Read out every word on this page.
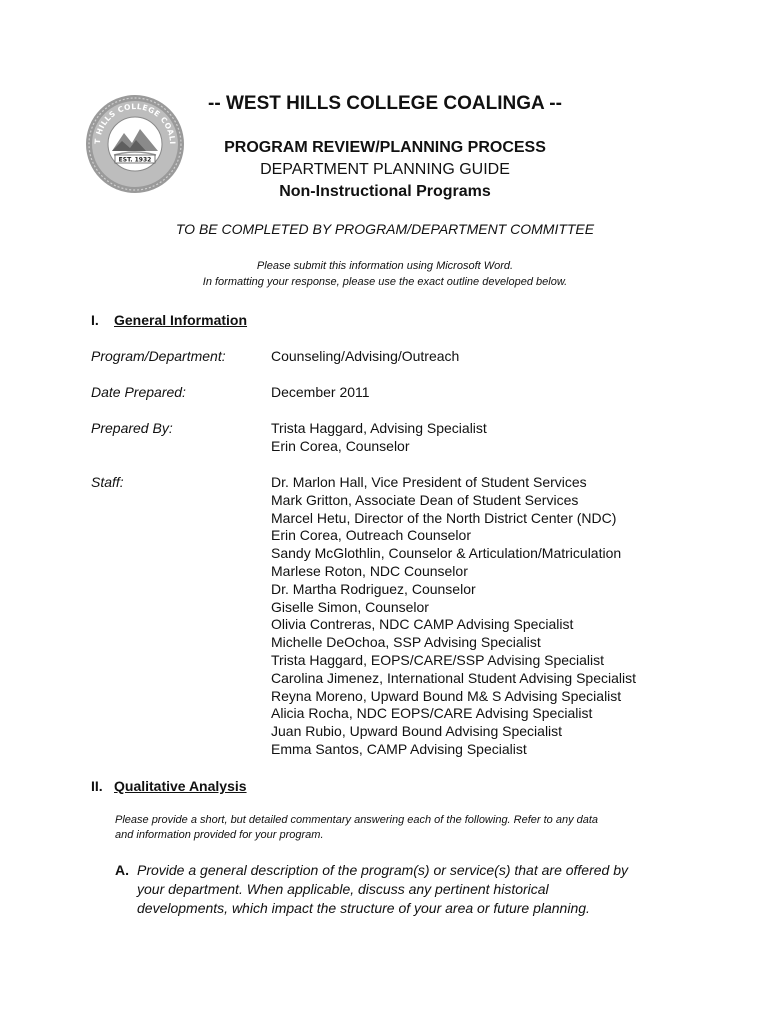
T HILLS COLLEGE COALI
EST. 1932
-- WEST HILLS COLLEGE COALINGA --
PROGRAM REVIEW/PLANNING PROCESS
DEPARTMENT PLANNING GUIDE
Non-Instructional Programs
TO BE COMPLETED BY PROGRAM/DEPARTMENT COMMITTEE
Please submit this information using Microsoft Word.
In formatting your response, please use the exact outline developed below.
I. General Information
Program/Department:	Counseling/Advising/Outreach
Date Prepared:	December 2011
Prepared By:	Trista Haggard, Advising Specialist
Erin Corea, Counselor
Staff:	Dr. Marlon Hall, Vice President of Student Services
Mark Gritton, Associate Dean of Student Services
Marcel Hetu, Director of the North District Center (NDC)
Erin Corea, Outreach Counselor
Sandy McGlothlin, Counselor & Articulation/Matriculation
Marlese Roton, NDC Counselor
Dr. Martha Rodriguez, Counselor
Giselle Simon, Counselor
Olivia Contreras, NDC CAMP Advising Specialist
Michelle DeOchoa, SSP Advising Specialist
Trista Haggard, EOPS/CARE/SSP Advising Specialist
Carolina Jimenez, International Student Advising Specialist
Reyna Moreno, Upward Bound M& S Advising Specialist
Alicia Rocha, NDC EOPS/CARE Advising Specialist
Juan Rubio, Upward Bound Advising Specialist
Emma Santos, CAMP Advising Specialist
II. Qualitative Analysis
Please provide a short, but detailed commentary answering each of the following. Refer to any data
and information provided for your program.
A. Provide a general description of the program(s) or service(s) that are offered by
your department. When applicable, discuss any pertinent historical
developments, which impact the structure of your area or future planning.
